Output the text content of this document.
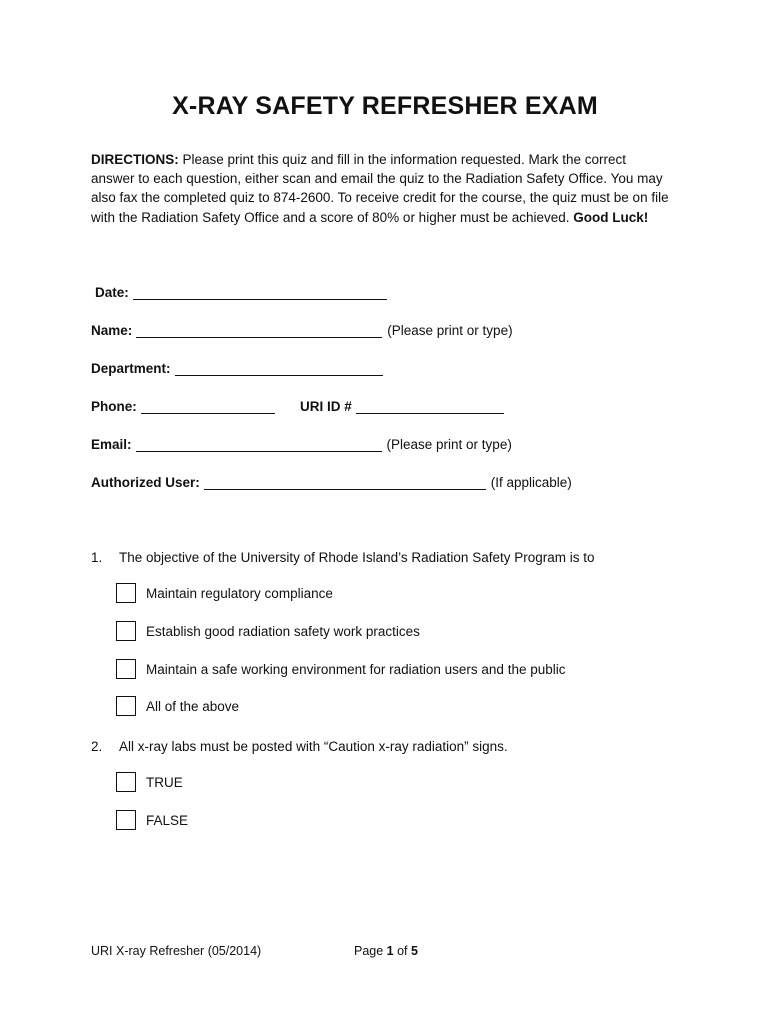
X-RAY SAFETY REFRESHER EXAM
DIRECTIONS: Please print this quiz and fill in the information requested. Mark the correct answer to each question, either scan and email the quiz to the Radiation Safety Office. You may also fax the completed quiz to 874-2600. To receive credit for the course, the quiz must be on file with the Radiation Safety Office and a score of 80% or higher must be achieved. Good Luck!
Date:
Name:	(Please print or type)
Department:
Phone:	URI ID #
Email:	(Please print or type)
Authorized User:	(If applicable)
1. The objective of the University of Rhode Island’s Radiation Safety Program is to
Maintain regulatory compliance
Establish good radiation safety work practices
Maintain a safe working environment for radiation users and the public
All of the above
2. All x-ray labs must be posted with “Caution x-ray radiation” signs.
TRUE
FALSE
URI X-ray Refresher (05/2014)	Page 1 of 5
